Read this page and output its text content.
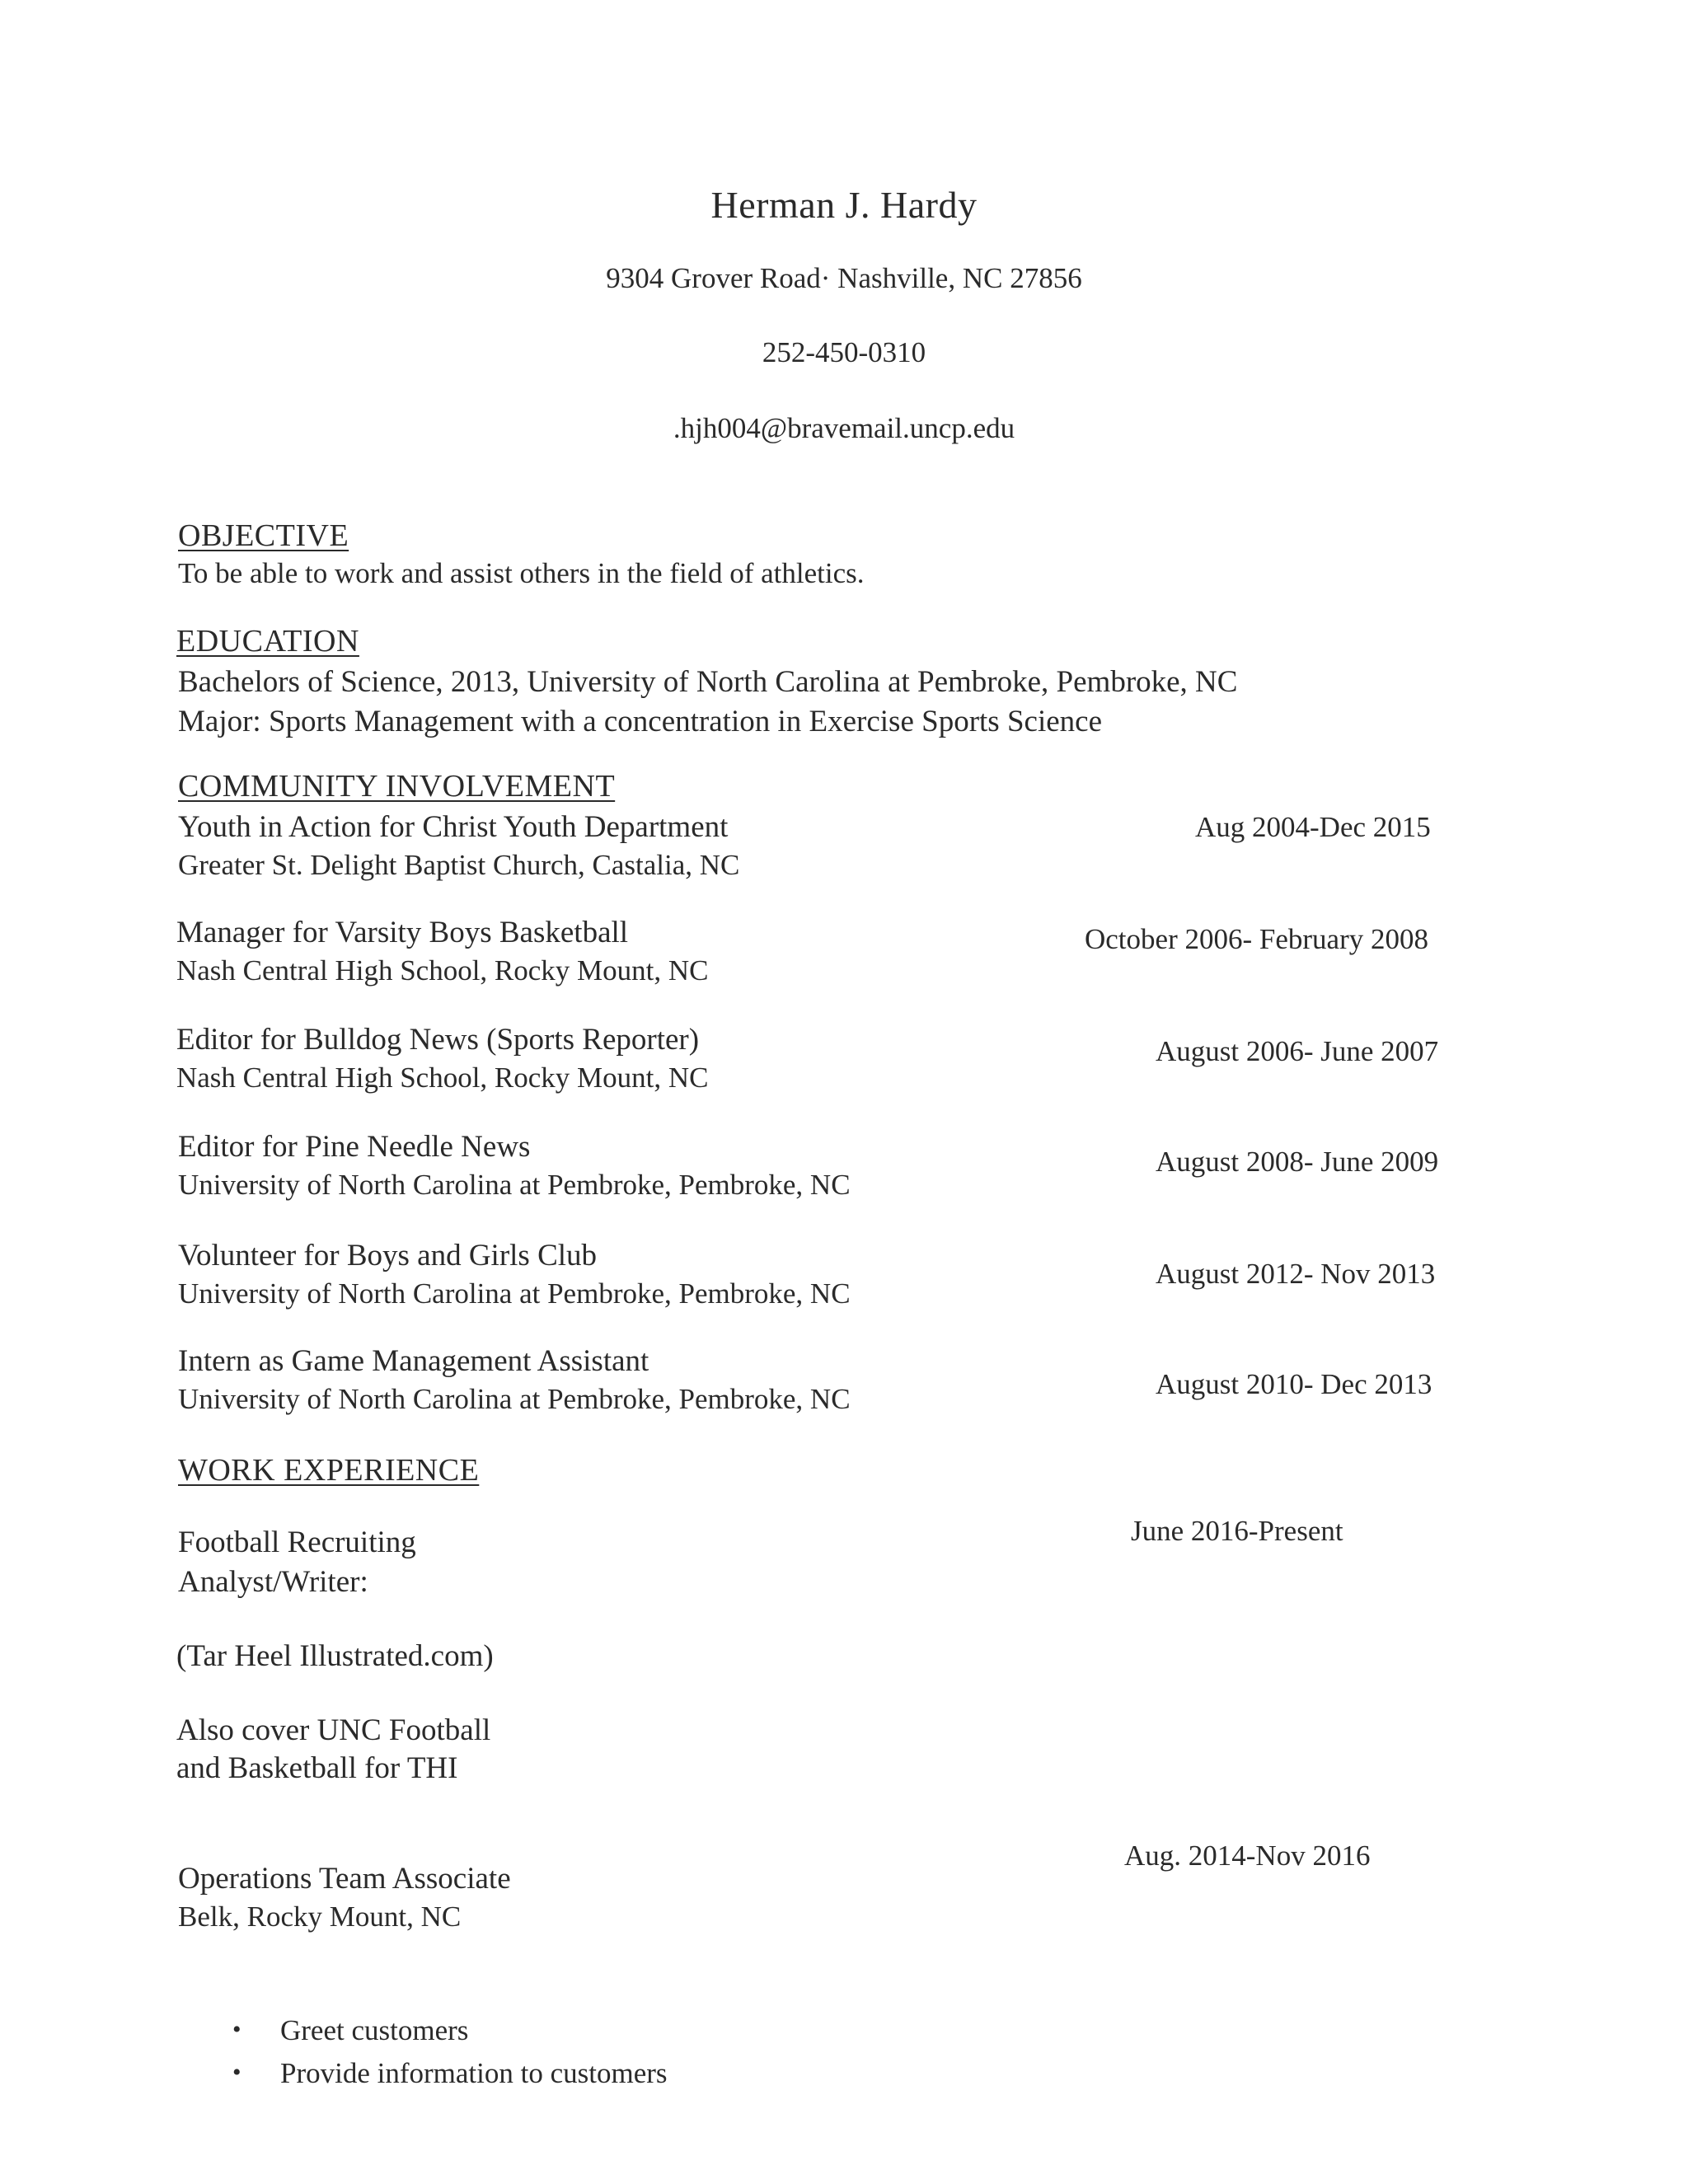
Herman J. Hardy
9304 Grover Road· Nashville, NC 27856
252-450-0310
.hjh004@bravemail.uncp.edu
OBJECTIVE
To be able to work and assist others in the field of athletics.
EDUCATION
Bachelors of Science, 2013, University of North Carolina at Pembroke, Pembroke, NC
Major: Sports Management with a concentration in Exercise Sports Science
COMMUNITY INVOLVEMENT
Youth in Action for Christ Youth Department
Greater St. Delight Baptist Church, Castalia, NC
Aug 2004-Dec 2015
Manager for Varsity Boys Basketball
Nash Central High School, Rocky Mount, NC
October 2006- February 2008
Editor for Bulldog News (Sports Reporter)
Nash Central High School, Rocky Mount, NC
August 2006- June 2007
Editor for Pine Needle News
University of North Carolina at Pembroke, Pembroke, NC
August 2008- June 2009
Volunteer for Boys and Girls Club
University of North Carolina at Pembroke, Pembroke, NC
August 2012- Nov 2013
Intern as Game Management Assistant
University of North Carolina at Pembroke, Pembroke, NC	August 2010- Dec 2013
WORK EXPERIENCE
Football Recruiting
Analyst/Writer:
June 2016-Present
(Tar Heel Illustrated.com)
Also cover UNC Football
and Basketball for THI
Aug. 2014-Nov 2016
Operations Team Associate
Belk, Rocky Mount, NC
• Greet customers
• Provide information to customers
